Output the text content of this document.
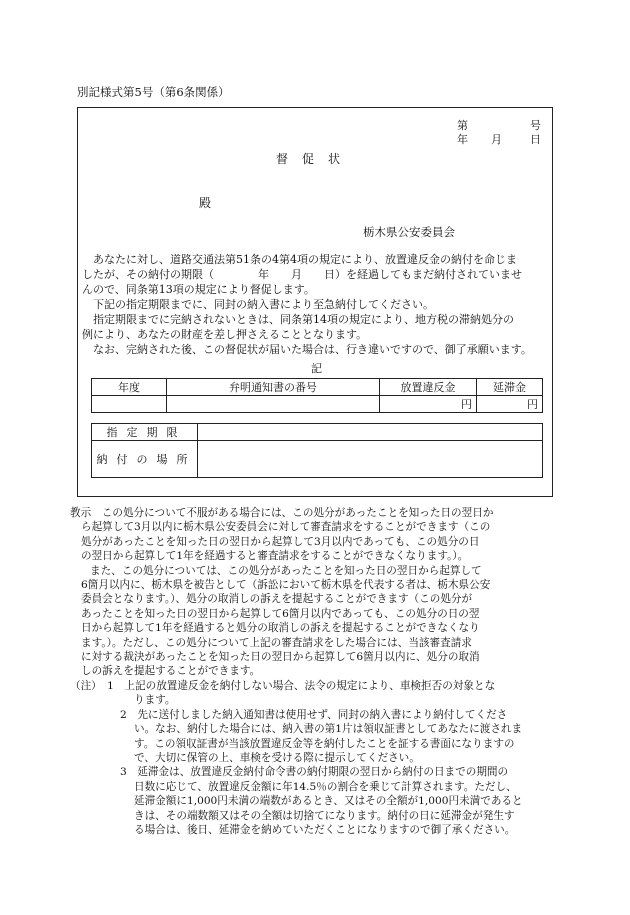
別記様式第5号（第6条関係）
第	号
年 月	日
督促状
殿
栃木県公安委員会

あなたに対し、道路交通法第51条の4第4項の規定により、放置違反金の納付を命じま

したが、その納付の期限（　　　　年　　月　　日）を経過してもまだ納付されていませ

んので、同条第13項の規定により督促します。

下記の指定期限までに、同封の納入書により至急納付してください。

指定期限までに完納されないときは、同条第14項の規定により、地方税の滞納処分の

例により、あなたの財産を差し押さえることとなります。

なお、完納された後、この督促状が届いた場合は、行き違いですので、御了承願います。

記
年度	弁明通知書の番号	放置違反金	延滞金
		円	円
指定期限	
納付の場所	

教示　この処分について不服がある場合には、この処分があったことを知った日の翌日か

ら起算して3月以内に栃木県公安委員会に対して審査請求をすることができます（この

処分があったことを知った日の翌日から起算して3月以内であっても、この処分の日

の翌日から起算して1年を経過すると審査請求をすることができなくなります。）。

また、この処分については、この処分があったことを知った日の翌日から起算して

6箇月以内に、栃木県を被告として（訴訟において栃木県を代表する者は、栃木県公安

委員会となります。）、処分の取消しの訴えを提起することができます（この処分が

あったことを知った日の翌日から起算して6箇月以内であっても、この処分の日の翌

日から起算して1年を経過すると処分の取消しの訴えを提起することができなくなり

ます。）。ただし、この処分について上記の審査請求をした場合には、当該審査請求

に対する裁決があったことを知った日の翌日から起算して6箇月以内に、処分の取消

しの訴えを提起することができます。

（注）　1　上記の放置違反金を納付しない場合、法令の規定により、車検拒否の対象とな

ります。

2　先に送付しました納入通知書は使用せず、同封の納入書により納付してくださ

い。なお、納付した場合には、納入書の第1片は領収証書としてあなたに渡されま

す。この領収証書が当該放置違反金等を納付したことを証する書面になりますの

で、大切に保管の上、車検を受ける際に提示してください。

3　延滞金は、放置違反金納付命令書の納付期限の翌日から納付の日までの期間の

日数に応じて、放置違反金額に年14.5％の割合を乗じて計算されます。ただし、

延滞金額に1,000円未満の端数があるとき、又はその全額が1,000円未満であると

きは、その端数額又はその全額は切捨てになります。納付の日に延滞金が発生す

る場合は、後日、延滞金を納めていただくことになりますので御了承ください。
